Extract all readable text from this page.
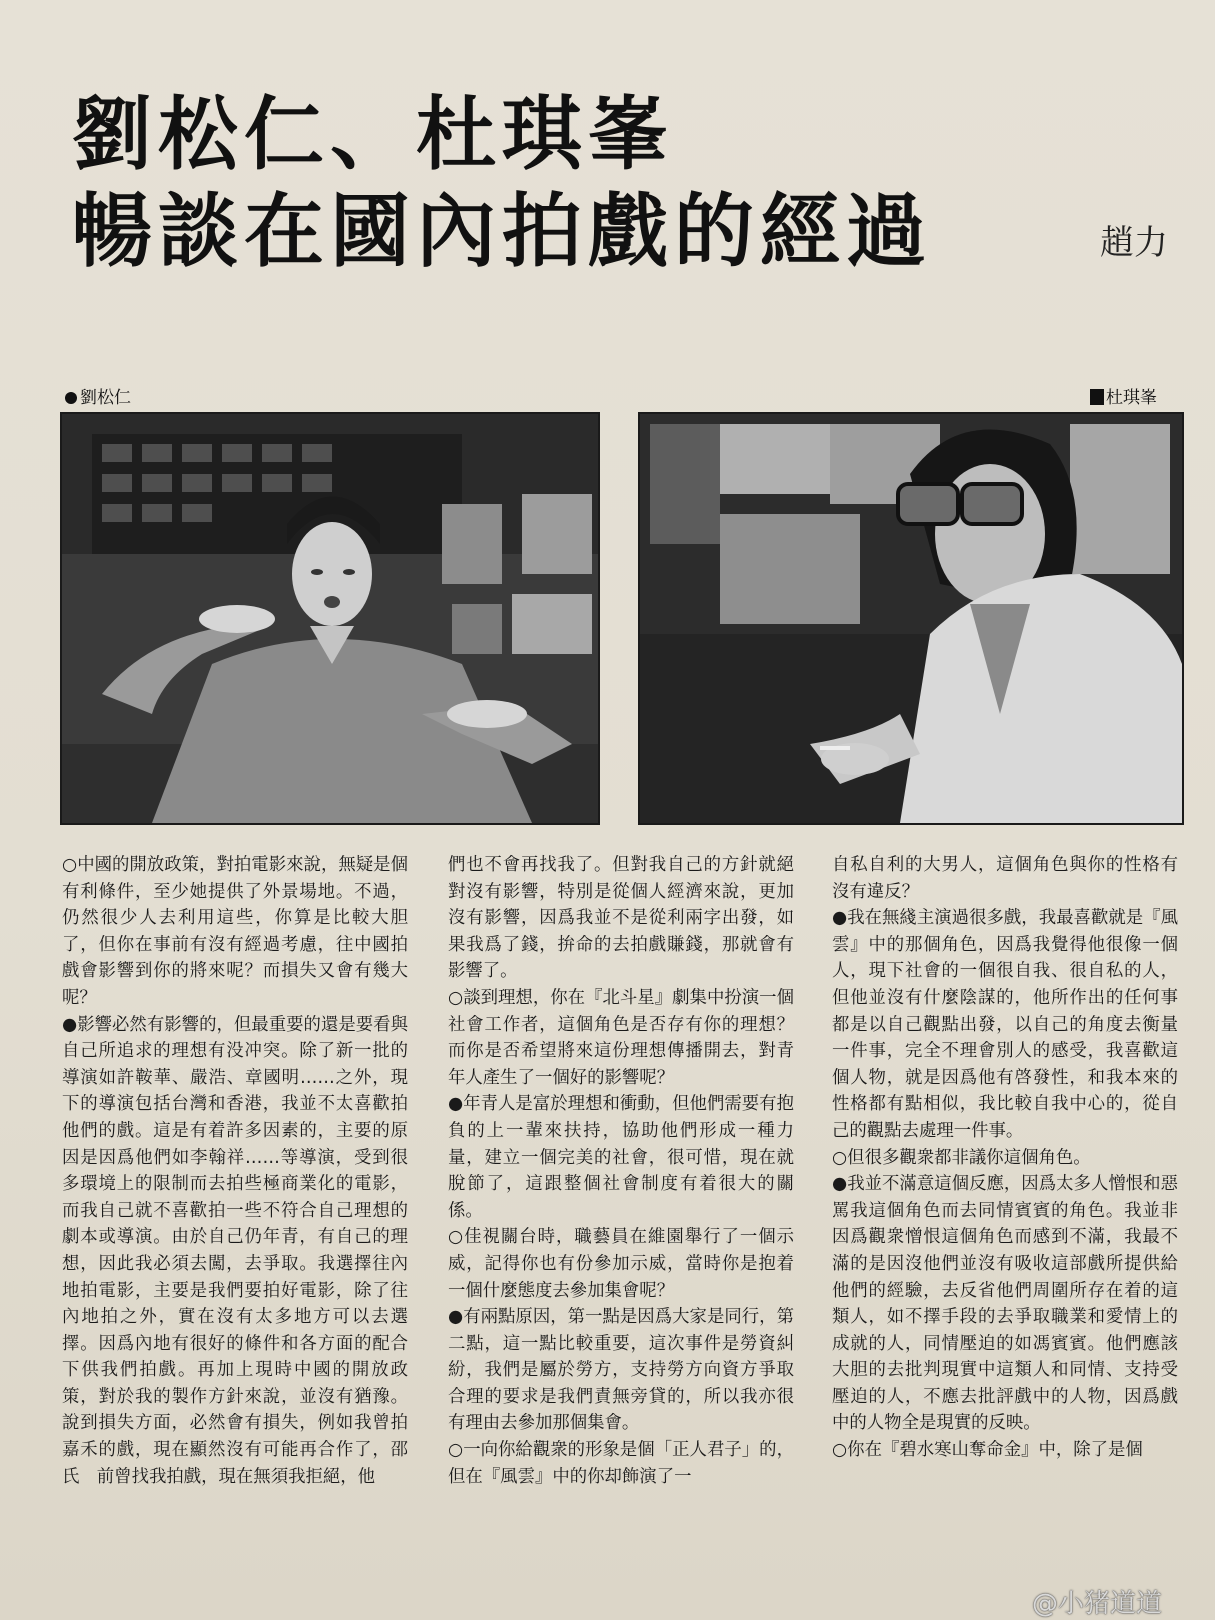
劉松仁、杜琪峯
暢談在國內拍戲的經過	趙力
劉松仁	杜琪峯

○中國的開放政策，對拍電影來說，無疑是個有利條件，至少她提供了外景場地。不過，仍然很少人去利用這些，你算是比較大胆了，但你在事前有沒有經過考慮，往中國拍戲會影響到你的將來呢？而損失又會有幾大呢？
●影響必然有影響的，但最重要的還是要看與自己所追求的理想有没冲突。除了新一批的導演如許鞍華、嚴浩、章國明……之外，現下的導演包括台灣和香港，我並不太喜歡拍他們的戲。這是有着許多因素的，主要的原因是因爲他們如李翰祥……等導演，受到很多環境上的限制而去拍些極商業化的電影，而我自己就不喜歡拍一些不符合自己理想的劇本或導演。由於自己仍年青，有自己的理想，因此我必須去闖，去爭取。我選擇往內地拍電影，主要是我們要拍好電影，除了往內地拍之外，實在沒有太多地方可以去選擇。因爲內地有很好的條件和各方面的配合下供我們拍戲。再加上現時中國的開放政策，對於我的製作方針來說，並沒有猶豫。說到損失方面，必然會有損失，例如我曾拍嘉禾的戲，現在顯然沒有可能再合作了，邵氏　前曾找我拍戲，現在無須我拒絕，他

們也不會再找我了。但對我自己的方針就絕對沒有影響，特別是從個人經濟來說，更加沒有影響，因爲我並不是從利兩字出發，如果我爲了錢，拚命的去拍戲賺錢，那就會有影響了。
○談到理想，你在『北斗星』劇集中扮演一個社會工作者，這個角色是否存有你的理想？而你是否希望將來這份理想傳播開去，對青年人產生了一個好的影響呢？
●年青人是富於理想和衝動，但他們需要有抱負的上一輩來扶持，協助他們形成一種力量，建立一個完美的社會，很可惜，現在就脫節了，這跟整個社會制度有着很大的關係。
○佳視關台時，職藝員在維園舉行了一個示威，記得你也有份參加示威，當時你是抱着一個什麼態度去參加集會呢？
●有兩點原因，第一點是因爲大家是同行，第二點，這一點比較重要，這次事件是勞資糾紛，我們是屬於勞方，支持勞方向資方爭取合理的要求是我們責無旁貸的，所以我亦很有理由去參加那個集會。
○一向你給觀衆的形象是個「正人君子」的，但在『風雲』中的你却飾演了一

自私自利的大男人，這個角色與你的性格有沒有違反？
●我在無綫主演過很多戲，我最喜歡就是『風雲』中的那個角色，因爲我覺得他很像一個人，現下社會的一個很自我、很自私的人，但他並沒有什麼陰謀的，他所作出的任何事都是以自己觀點出發，以自己的角度去衡量一件事，完全不理會別人的感受，我喜歡這個人物，就是因爲他有啓發性，和我本來的性格都有點相似，我比較自我中心的，從自己的觀點去處理一件事。
○但很多觀衆都非議你這個角色。
●我並不滿意這個反應，因爲太多人憎恨和惡罵我這個角色而去同情賓賓的角色。我並非因爲觀衆憎恨這個角色而感到不滿，我最不滿的是因沒他們並沒有吸收這部戲所提供給他們的經驗，去反省他們周圍所存在着的這類人，如不擇手段的去爭取職業和愛情上的成就的人，同情壓迫的如馮賓賓。他們應該大胆的去批判現實中這類人和同情、支持受壓迫的人，不應去批評戲中的人物，因爲戲中的人物全是現實的反映。
○你在『碧水寒山奪命金』中，除了是個

@小猪道道
